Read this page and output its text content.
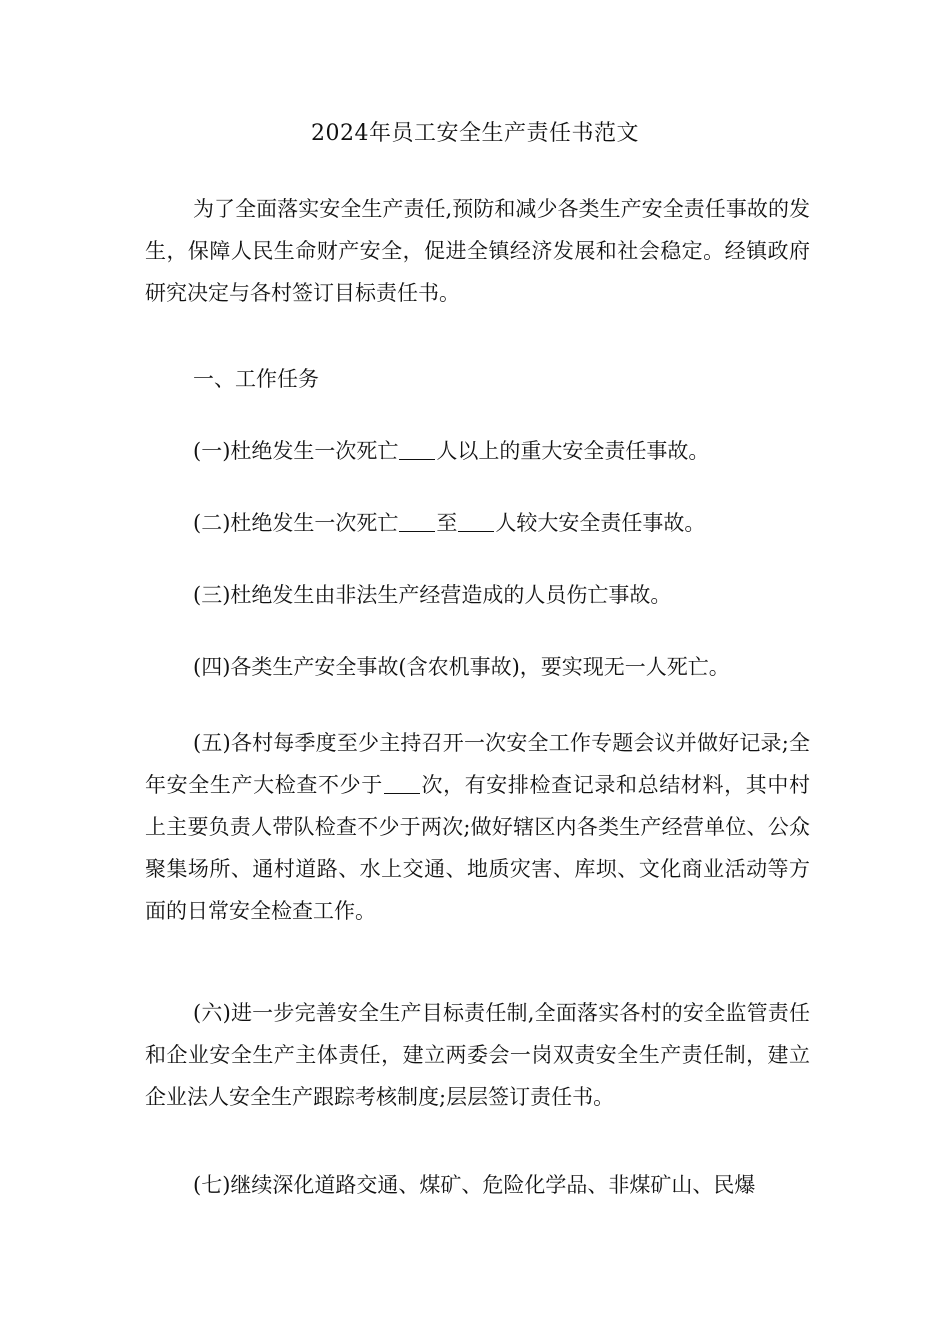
2024年员工安全生产责任书范文

为了全面落实安全生产责任,预防和减少各类生产安全责任事故的发生，保障人民生命财产安全，促进全镇经济发展和社会稳定。经镇政府研究决定与各村签订目标责任书。

一、工作任务

(一)杜绝发生一次死亡 人以上的重大安全责任事故。

(二)杜绝发生一次死亡 至 人较大安全责任事故。

(三)杜绝发生由非法生产经营造成的人员伤亡事故。

(四)各类生产安全事故(含农机事故)，要实现无一人死亡。

(五)各村每季度至少主持召开一次安全工作专题会议并做好记录;全年安全生产大检查不少于 次，有安排检查记录和总结材料，其中村上主要负责人带队检查不少于两次;做好辖区内各类生产经营单位、公众聚集场所、通村道路、水上交通、地质灾害、库坝、文化商业活动等方面的日常安全检查工作。

(六)进一步完善安全生产目标责任制,全面落实各村的安全监管责任和企业安全生产主体责任，建立两委会一岗双责安全生产责任制，建立企业法人安全生产跟踪考核制度;层层签订责任书。

(七)继续深化道路交通、煤矿、危险化学品、非煤矿山、民爆
